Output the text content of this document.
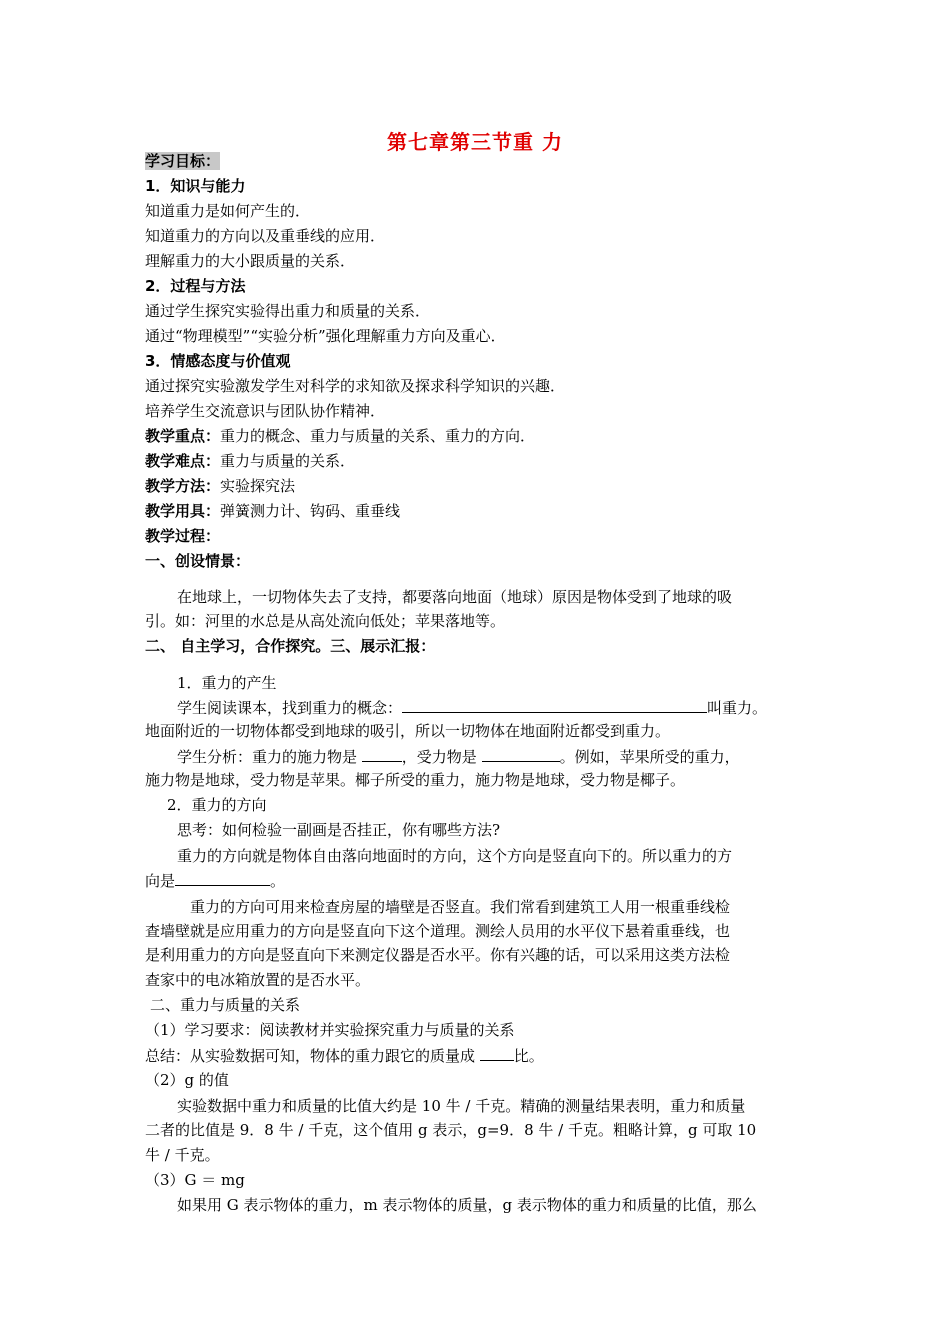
第七章第三节重 力
学习目标：
1．知识与能力
知道重力是如何产生的．
知道重力的方向以及重垂线的应用．
理解重力的大小跟质量的关系．
2．过程与方法
通过学生探究实验得出重力和质量的关系．
通过“物理模型”“实验分析”强化理解重力方向及重心．
3．情感态度与价值观
通过探究实验激发学生对科学的求知欲及探求科学知识的兴趣．
培养学生交流意识与团队协作精神．
教学重点：重力的概念、重力与质量的关系、重力的方向．
教学难点：重力与质量的关系．
教学方法：实验探究法
教学用具：弹簧测力计、钩码、重垂线
教学过程：
一、创设情景：
在地球上，一切物体失去了支持，都要落向地面（地球）原因是物体受到了地球的吸
引。如：河里的水总是从高处流向低处；苹果落地等。
二、 自主学习，合作探究。三、展示汇报：
1．重力的产生
学生阅读课本，找到重力的概念：	叫重力。
地面附近的一切物体都受到地球的吸引，所以一切物体在地面附近都受到重力。
学生分析：重力的施力物是	，受力物是	。例如，苹果所受的重力，
施力物是地球，受力物是苹果。椰子所受的重力，施力物是地球，受力物是椰子。
2．重力的方向
思考：如何检验一副画是否挂正，你有哪些方法?
重力的方向就是物体自由落向地面时的方向，这个方向是竖直向下的。所以重力的方
向是	。
重力的方向可用来检查房屋的墙壁是否竖直。我们常看到建筑工人用一根重垂线检
查墙壁就是应用重力的方向是竖直向下这个道理。测绘人员用的水平仪下悬着重垂线，也
是利用重力的方向是竖直向下来测定仪器是否水平。你有兴趣的话，可以采用这类方法检
查家中的电冰箱放置的是否水平。
二、重力与质量的关系
（1）学习要求：阅读教材并实验探究重力与质量的关系
总结：从实验数据可知，物体的重力跟它的质量成 比。
（2）g 的值
实验数据中重力和质量的比值大约是 10 牛 / 千克。精确的测量结果表明，重力和质量
二者的比值是 9．8 牛 / 千克，这个值用 g 表示，g=9．8 牛 / 千克。粗略计算，g 可取 10
牛 / 千克。
（3）G ＝ mg
如果用 G 表示物体的重力，m 表示物体的质量，g 表示物体的重力和质量的比值，那么
